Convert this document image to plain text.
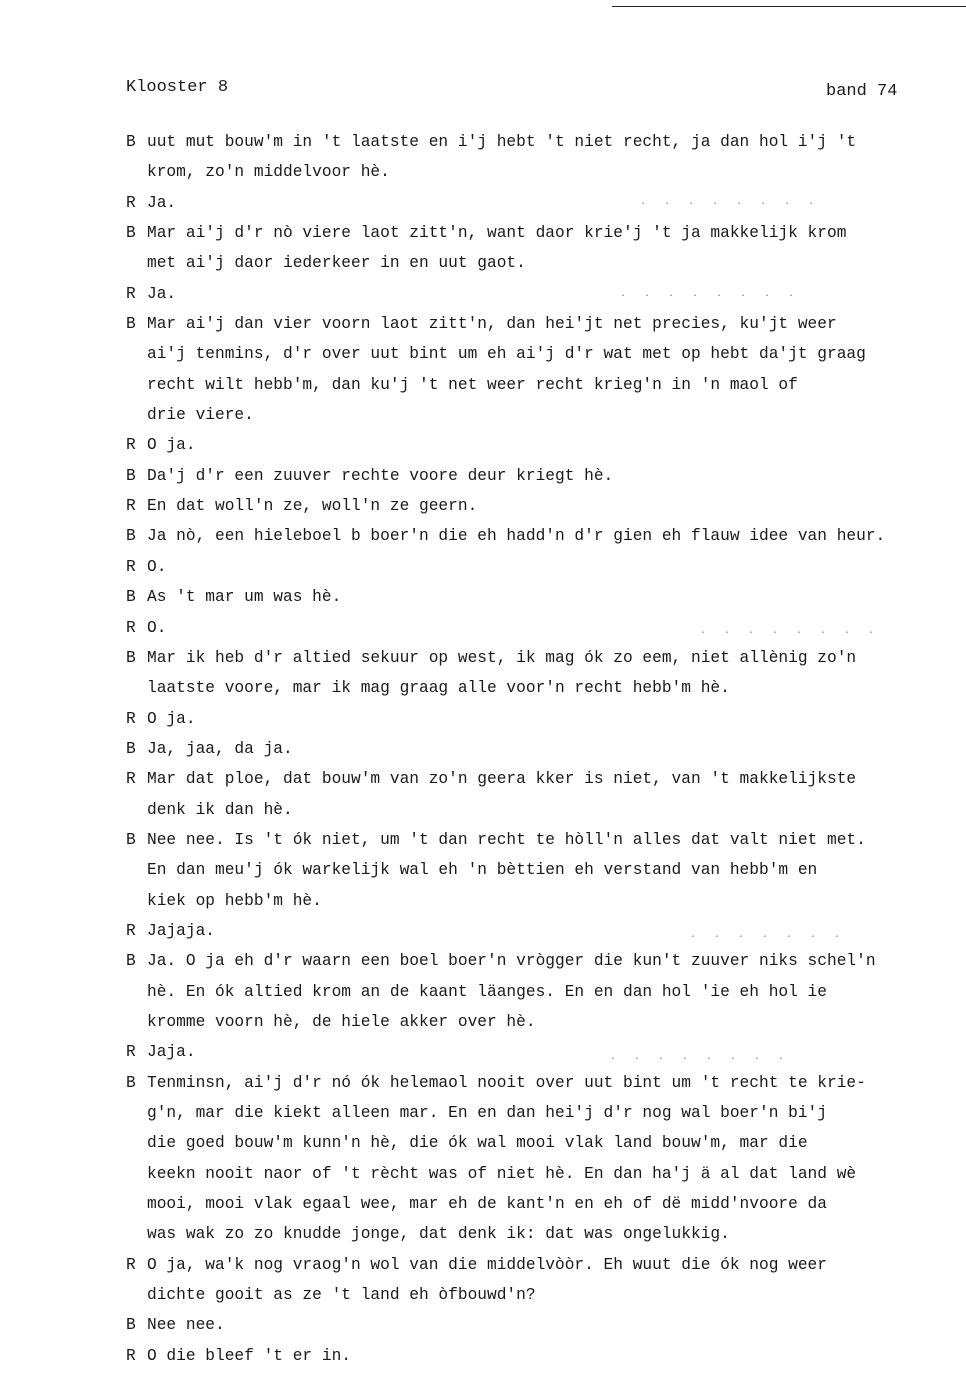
Klooster 8	band 74
B uut mut bouw'm in 't laatste en i'j hebt 't niet recht, ja dan hol i'j 't
krom, zo'n middelvoor hè.
R Ja.
B Mar ai'j d'r nò viere laot zitt'n, want daor krie'j 't ja makkelijk krom
met ai'j daor iederkeer in en uut gaot.
R Ja.
B Mar ai'j dan vier voorn laot zitt'n, dan hei'jt net precies, ku'jt weer
ai'j tenmins, d'r over uut bint um eh ai'j d'r wat met op hebt da'jt graag
recht wilt hebb'm, dan ku'j 't net weer recht krieg'n in 'n maol of
drie viere.
R O ja.
B Da'j d'r een zuuver rechte voore deur kriegt hè.
R En dat woll'n ze, woll'n ze geern.
B Ja nò, een hieleboel b boer'n die eh hadd'n d'r gien eh flauw idee van heur.
R O.
B As 't mar um was hè.
R O.
B Mar ik heb d'r altied sekuur op west, ik mag ók zo eem, niet allènig zo'n
laatste voore, mar ik mag graag alle voor'n recht hebb'm hè.
R O ja.
B Ja, jaa, da ja.
R Mar dat ploe, dat bouw'm van zo'n geera kker is niet, van 't makkelijkste
denk ik dan hè.
B Nee nee. Is 't ók niet, um 't dan recht te hòll'n alles dat valt niet met.
En dan meu'j ók warkelijk wal eh 'n bèttien eh verstand van hebb'm en
kiek op hebb'm hè.
R Jajaja.
B Ja. O ja eh d'r waarn een boel boer'n vrògger die kun't zuuver niks schel'n
hè. En ók altied krom an de kaant läanges. En en dan hol 'ie eh hol ie
kromme voorn hè, de hiele akker over hè.
R Jaja.
B Tenminsn, ai'j d'r nó ók helemaol nooit over uut bint um 't recht te krie-
g'n, mar die kiekt alleen mar. En en dan hei'j d'r nog wal boer'n bi'j
die goed bouw'm kunn'n hè, die ók wal mooi vlak land bouw'm, mar die
keekn nooit naor of 't rècht was of niet hè. En dan ha'j ä al dat land wè
mooi, mooi vlak egaal wee, mar eh de kant'n en eh of dë midd'nvoore da
was wak zo zo knudde jonge, dat denk ik: dat was ongelukkig.
R O ja, wa'k nog vraog'n wol van die middelvòòr. Eh wuut die ók nog weer
dichte gooit as ze 't land eh òfbouwd'n?
B Nee nee.
R O die bleef 't er in.
. . . . . . . .
. . . . . . . .
. . . . . . . .
. . . . . . .
. . . . . . . .
